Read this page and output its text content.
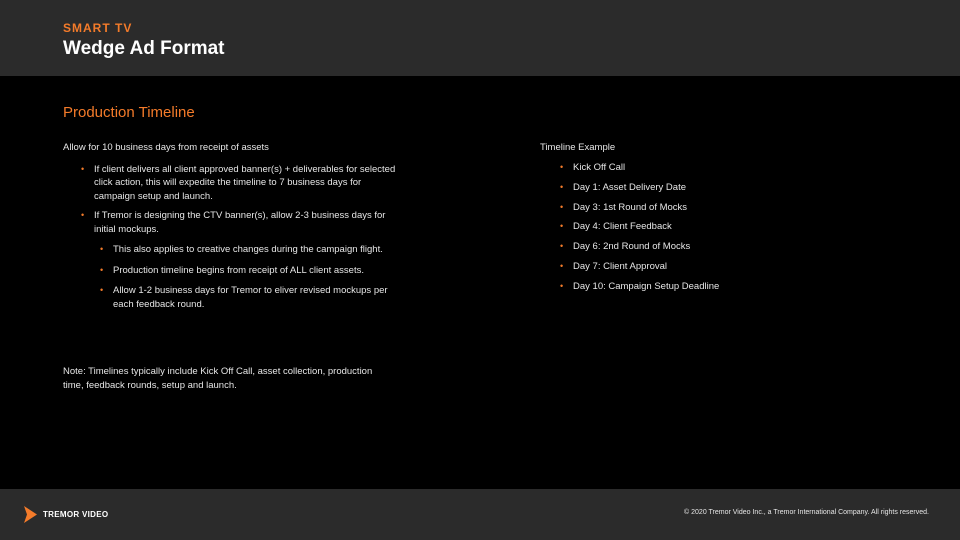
SMART TV
Wedge Ad Format
Production Timeline
Allow for 10 business days from receipt of assets
• If client delivers all client approved banner(s) + deliverables for selected click action, this will expedite the timeline to 7 business days for campaign setup and launch.
• If Tremor is designing the CTV banner(s), allow 2-3 business days for initial mockups.
• This also applies to creative changes during the campaign flight.
• Production timeline begins from receipt of ALL client assets.
• Allow 1-2 business days for Tremor to eliver revised mockups per each feedback round.
Timeline Example
• Kick Off Call
• Day 1: Asset Delivery Date
• Day 3: 1st Round of Mocks
• Day 4: Client Feedback
• Day 6: 2nd Round of Mocks
• Day 7: Client Approval
• Day 10: Campaign Setup Deadline
Note: Timelines typically include Kick Off Call, asset collection, production time, feedback rounds, setup and launch.
TREMOR VIDEO	© 2020 Tremor Video Inc., a Tremor International Company. All rights reserved.
